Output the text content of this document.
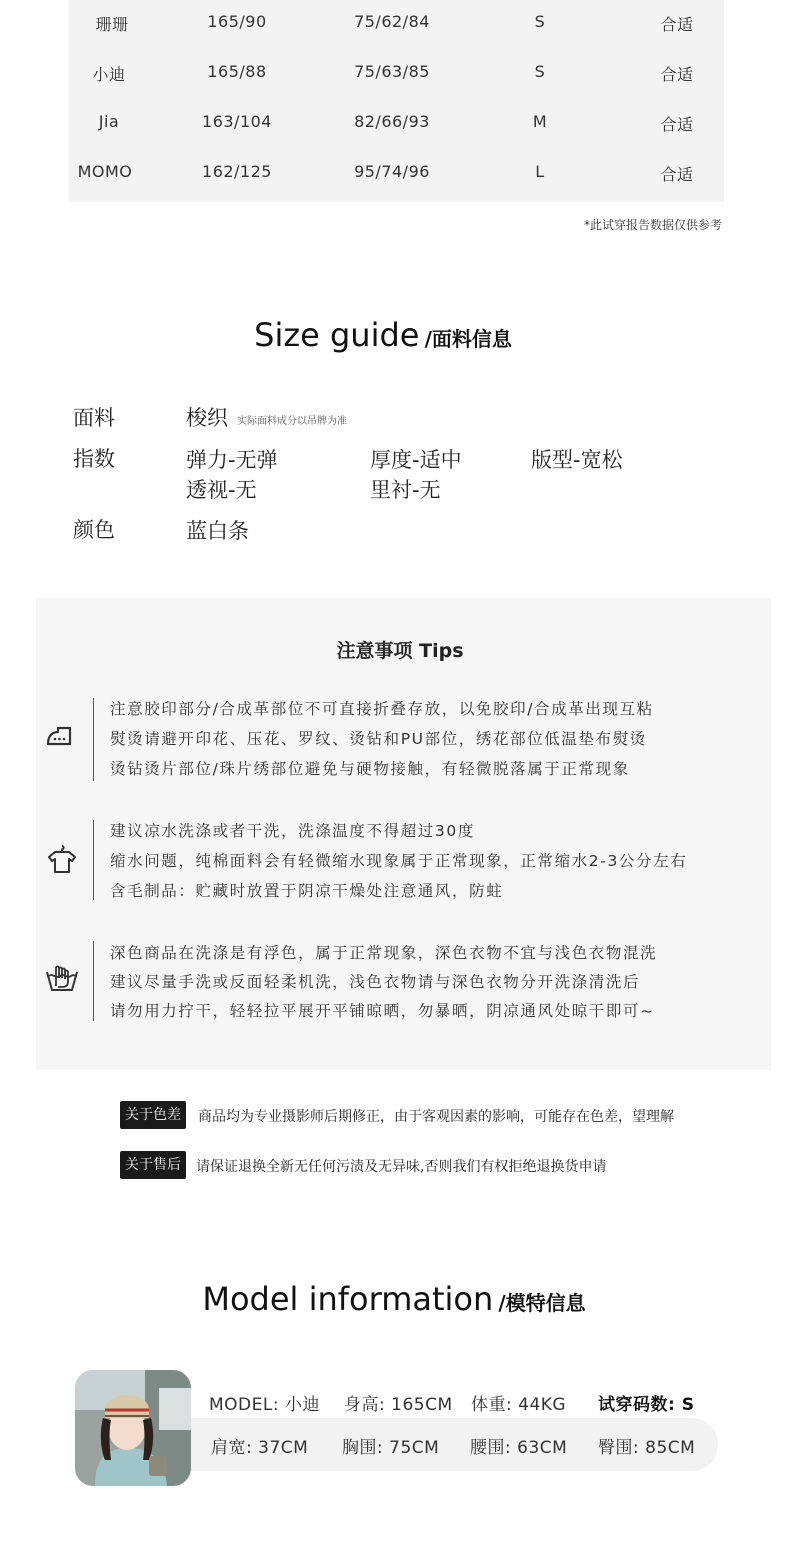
珊珊	165/90	75/62/84	S	合适
小迪	165/88	75/63/85	S	合适
Jia	163/104	82/66/93	M	合适
MOMO	162/125	95/74/96	L	合适
*此试穿报告数据仅供参考
Size guide /面料信息
面料	梭织 实际面料成分以吊牌为准
指数	弹力-无弹	厚度-适中	版型-宽松
透视-无	里衬-无
颜色	蓝白条
注意事项 Tips
注意胶印部分/合成革部位不可直接折叠存放，以免胶印/合成革出现互粘
熨烫请避开印花、压花、罗纹、烫钻和PU部位，绣花部位低温垫布熨烫
烫钻烫片部位/珠片绣部位避免与硬物接触，有轻微脱落属于正常现象
建议凉水洗涤或者干洗，洗涤温度不得超过30度
缩水问题，纯棉面料会有轻微缩水现象属于正常现象，正常缩水2-3公分左右
含毛制品：贮藏时放置于阴凉干燥处注意通风，防蛀
深色商品在洗涤是有浮色，属于正常现象，深色衣物不宜与浅色衣物混洗
建议尽量手洗或反面轻柔机洗，浅色衣物请与深色衣物分开洗涤清洗后
请勿用力拧干，轻轻拉平展开平铺晾晒，勿暴晒，阴凉通风处晾干即可~
关于色差	商品均为专业摄影师后期修正，由于客观因素的影响，可能存在色差，望理解
关于售后	请保证退换全新无任何污渍及无异味,否则我们有权拒绝退换货申请
Model information /模特信息
MODEL: 小迪 身高: 165CM 体重: 44KG 试穿码数: S
肩宽: 37CM 胸围: 75CM 腰围: 63CM 臀围: 85CM
